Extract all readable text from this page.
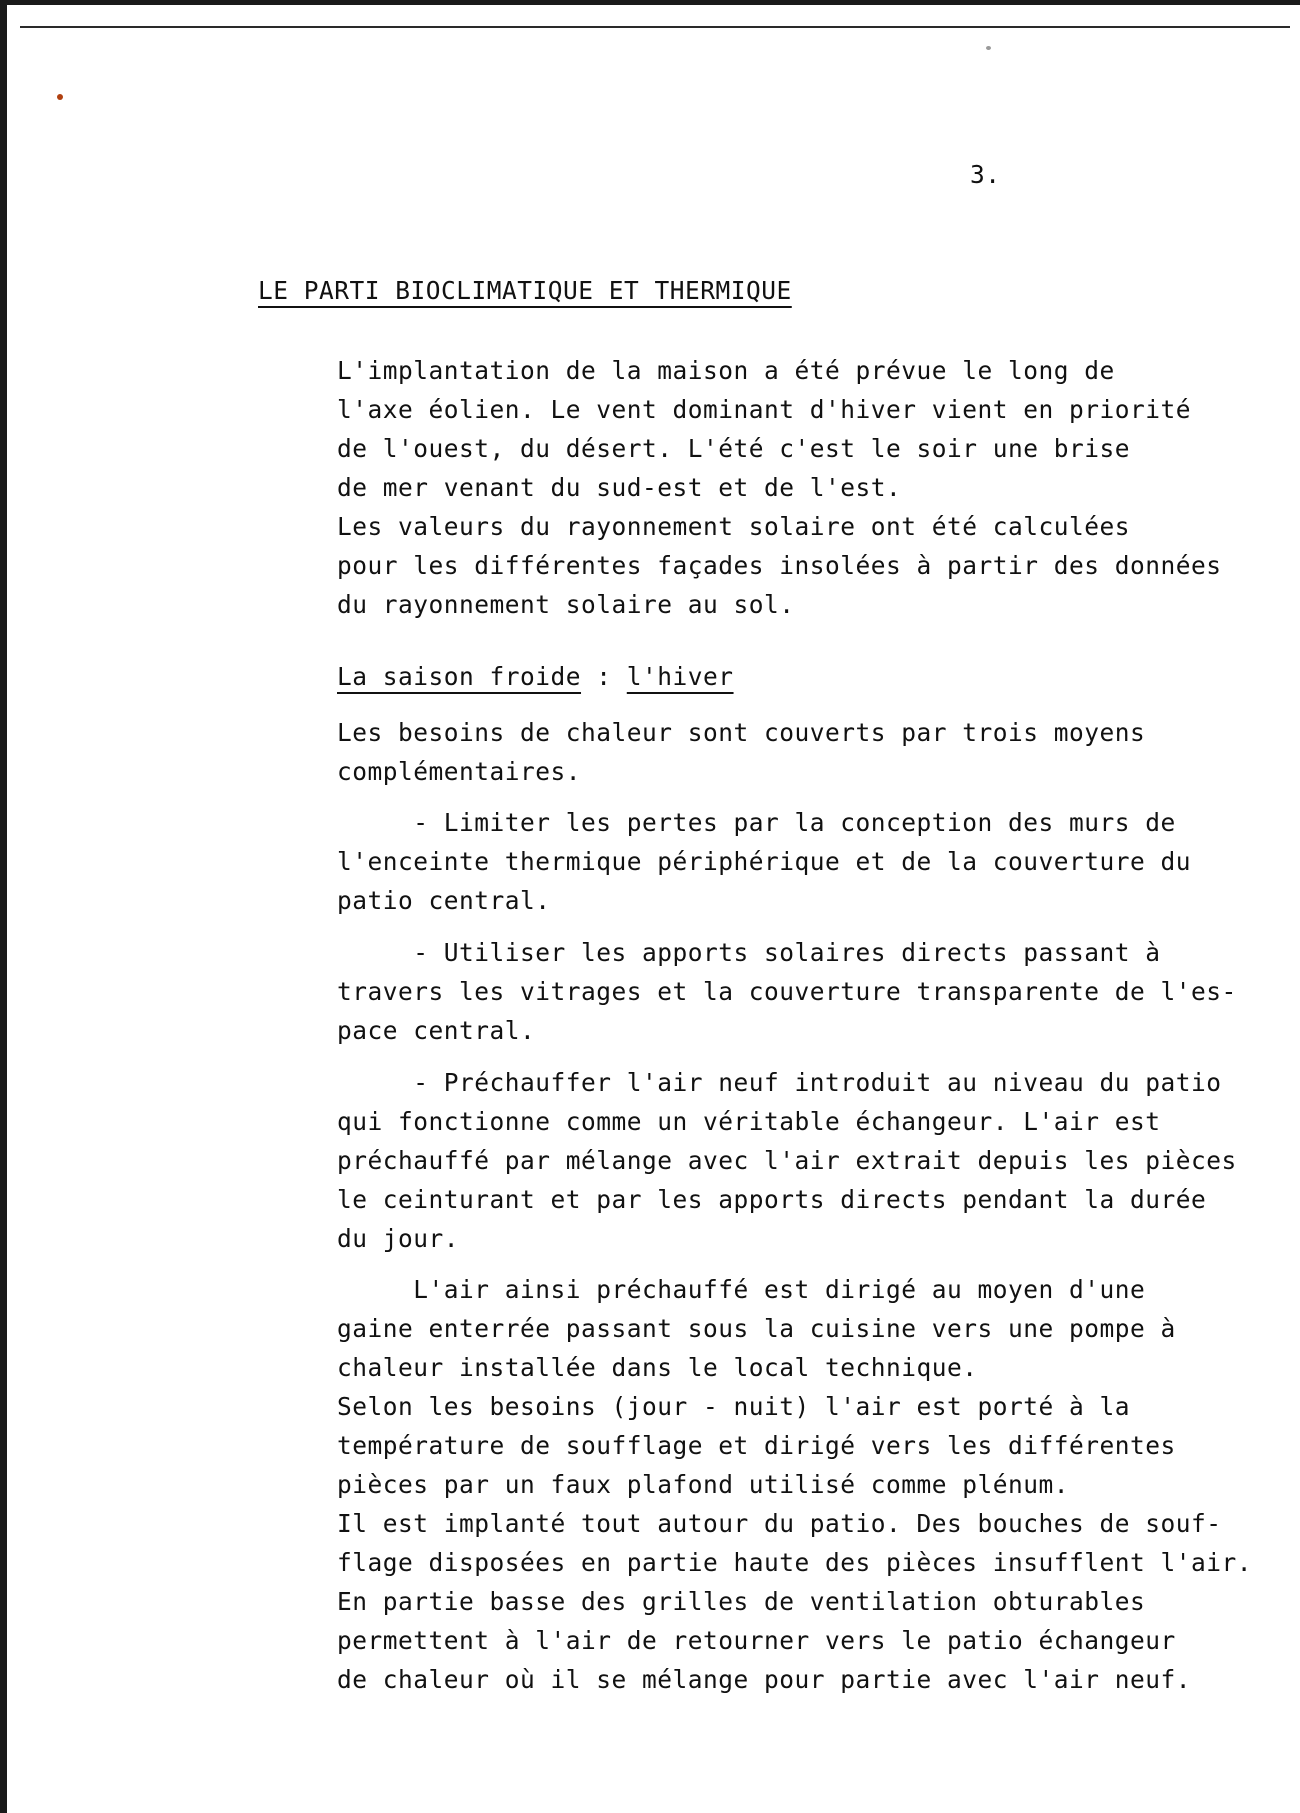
3.
LE PARTI BIOCLIMATIQUE ET THERMIQUE
L'implantation de la maison a été prévue le long de
l'axe éolien. Le vent dominant d'hiver vient en priorité
de l'ouest, du désert. L'été c'est le soir une brise
de mer venant du sud-est et de l'est.
Les valeurs du rayonnement solaire ont été calculées
pour les différentes façades insolées à partir des données
du rayonnement solaire au sol.
La saison froide : l'hiver
Les besoins de chaleur sont couverts par trois moyens
complémentaires.
- Limiter les pertes par la conception des murs de
l'enceinte thermique périphérique et de la couverture du
patio central.
- Utiliser les apports solaires directs passant à
travers les vitrages et la couverture transparente de l'es-
pace central.
- Préchauffer l'air neuf introduit au niveau du patio
qui fonctionne comme un véritable échangeur. L'air est
préchauffé par mélange avec l'air extrait depuis les pièces
le ceinturant et par les apports directs pendant la durée
du jour.
L'air ainsi préchauffé est dirigé au moyen d'une
gaine enterrée passant sous la cuisine vers une pompe à
chaleur installée dans le local technique.
Selon les besoins (jour - nuit) l'air est porté à la
température de soufflage et dirigé vers les différentes
pièces par un faux plafond utilisé comme plénum.
Il est implanté tout autour du patio. Des bouches de souf-
flage disposées en partie haute des pièces insufflent l'air.
En partie basse des grilles de ventilation obturables
permettent à l'air de retourner vers le patio échangeur
de chaleur où il se mélange pour partie avec l'air neuf.
